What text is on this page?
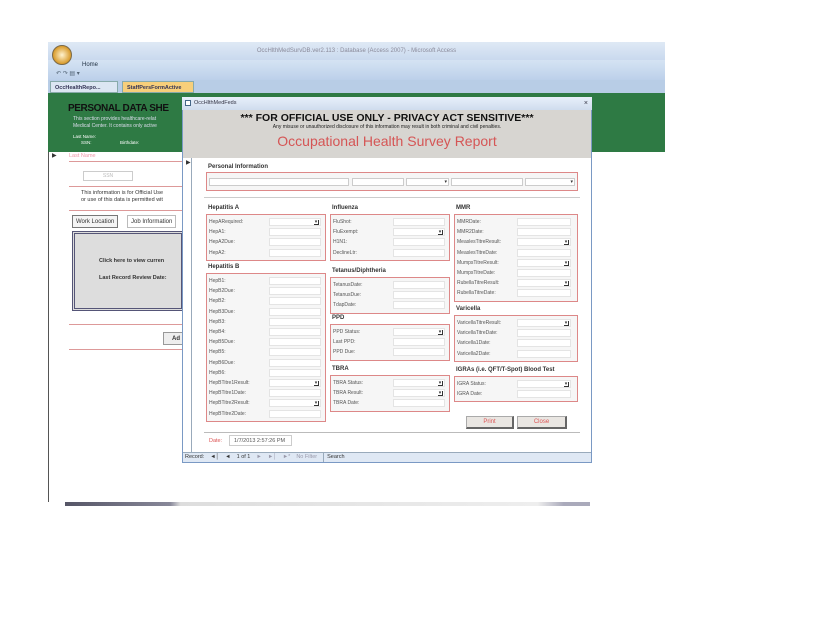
OccHlthMedSurvDB.ver2.113 : Database (Access 2007) - Microsoft Access
Home
↶ ↷ ▤ ▾
OccHealthRepo...	StaffPersFormActive
PERSONAL DATA SHE
This section provides healthcare-relat
Medical Center. It contains only active
Last Name:
SSN:	Birthdate:
Last Name
SSN
This information is for Official Use
or use of this data is permitted wit
Work Location	Job Information
Click here to view curren
Last Record Review Date:
Ad
▶
OccHlthMedFeds	×
*** FOR OFFICIAL USE ONLY - PRIVACY ACT SENSITIVE***
Any misuse or unauthorized disclosure of this information may result in both criminal and civil penalties.
Occupational Health Survey Report
▶
Personal Information
▾	▾
HepARequired:	▾
HepA1:
HepA2Due:
HepA2:
Hepatitis A
HepB1:
HepB2Due:
HepB2:
HepB3Due:
HepB3:
HepB4:
HepB5Due:
HepB5:
HepB6Due:
HepB6:
HepBTitre1Result:	▾
HepBTitre1Date:
HepBTitre2Result:	▾
HepBTitre2Date:
Hepatitis B
FluShot:
FluExempt:	▾
H1N1:
DeclineLtr:
Influenza
TetanusDate:
TetanusDue:
TdapDate:
Tetanus/Diphtheria
PPD Status:	▾
Last PPD:
PPD Due:
PPD
TBRA Status:	▾
TBRA Result:	▾
TBRA Date:
TBRA
MMRDate:
MMR2Date:
MeaslesTitreResult:	▾
MeaslesTitreDate:
MumpsTitreResult:	▾
MumpsTitreDate:
RubellaTitreResult:	▾
RubellaTitreDate:
MMR
VaricellaTitreResult:	▾
VaricellaTitreDate:
Varicella1Date:
Varicella2Date:
Varicella
IGRA Status:	▾
IGRA Date:
IGRAs (i.e. QFT/T-Spot) Blood Test
Print	Close
Date:	1/7/2013 2:57:26 PM
Record: ◄│ ◄ 1 of 1 ► ►│ ►* No Filter	Search
